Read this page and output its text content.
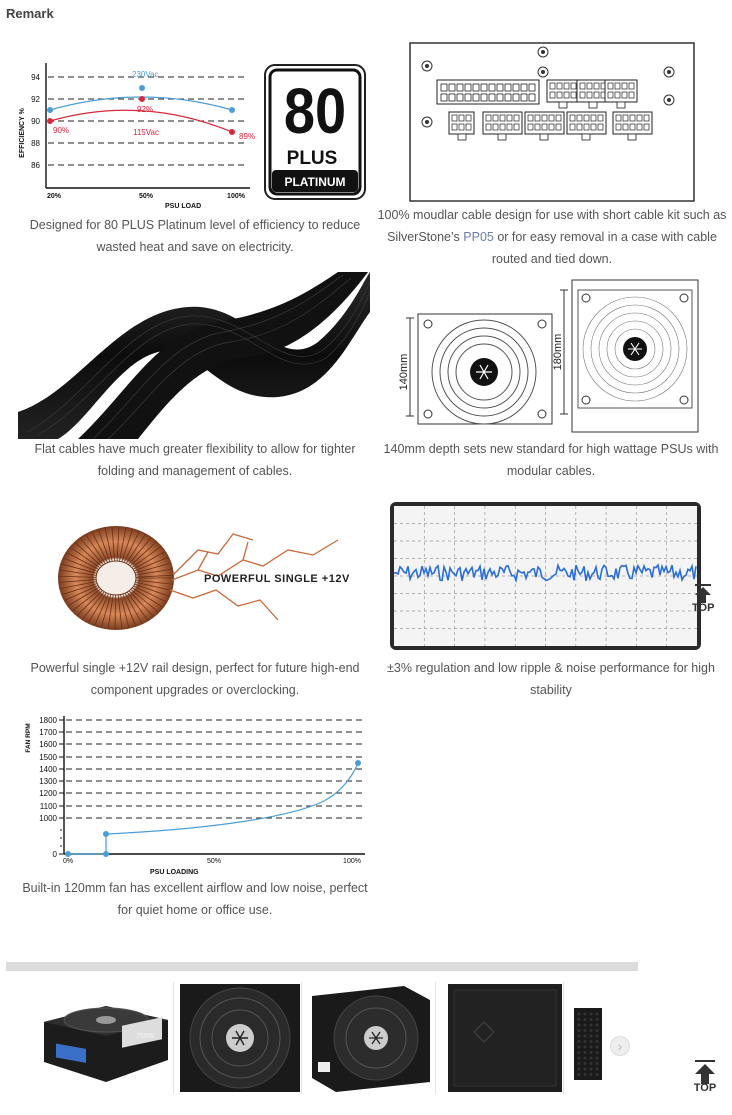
Remark
EFFICIENCY %
94
92
90
88
86
20%	50%	100%
230Vac
115Vac
90%
92%
89%
PSU LOAD
80
PLUS
PLATINUM
Designed for 80 PLUS Platinum level of efficiency to reduce wasted heat and save on electricity.
100% moudlar cable design for use with short cable kit such as SilverStone’s PP05 or for easy removal in a case with cable routed and tied down.
Flat cables have much greater flexibility to allow for tighter folding and management of cables.
140mm
180mm
140mm depth sets new standard for high wattage PSUs with modular cables.
POWERFUL SINGLE +12V
Powerful single +12V rail design, perfect for future high-end component upgrades or overclocking.
TOP
±3% regulation and low ripple & noise performance for high stability
FAN RPM
1800
1700
1600
1500
1400
1300
1200
1100
1000
0
0%	50%	100%
PSU LOADING
Built-in 120mm fan has excellent airflow and low noise, perfect for quiet home or office use.
750W
›
TOP
